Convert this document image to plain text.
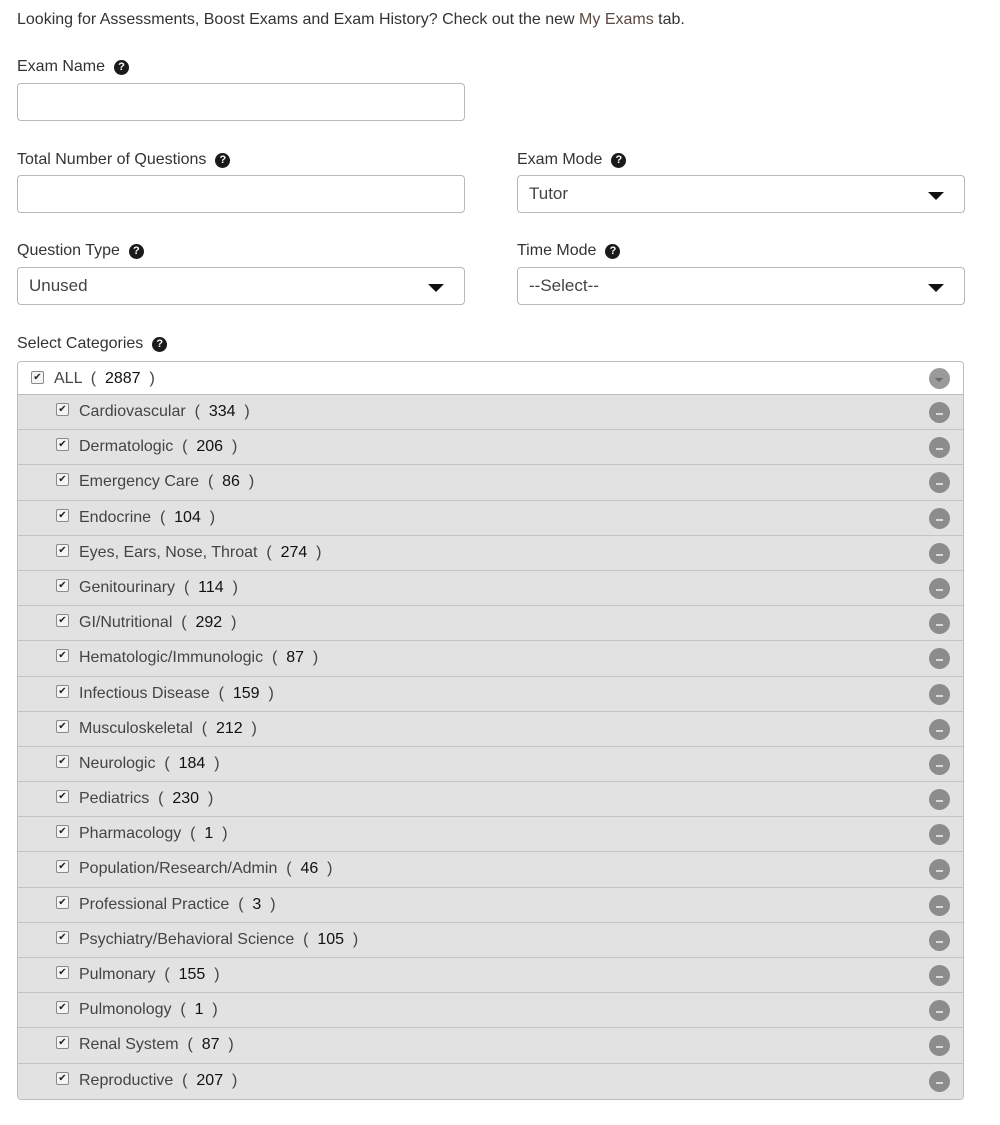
Looking for Assessments, Boost Exams and Exam History? Check out the new My Exams tab.
Exam Name	?
Total Number of Questions	?	Exam Mode	?
Tutor
Question Type	?
Unused
Time Mode	?
--Select--
Select Categories	?
✔ ALL  (  2887  )
✔ Cardiovascular  (  334  )
✔ Dermatologic  (  206  )
✔ Emergency Care  (  86  )
✔ Endocrine  (  104  )
✔ Eyes, Ears, Nose, Throat  (  274  )
✔ Genitourinary  (  114  )
✔ GI/Nutritional  (  292  )
✔ Hematologic/Immunologic  (  87  )
✔ Infectious Disease  (  159  )
✔ Musculoskeletal  (  212  )
✔ Neurologic  (  184  )
✔ Pediatrics  (  230  )
✔ Pharmacology  (  1  )
✔ Population/Research/Admin  (  46  )
✔ Professional Practice  (  3  )
✔ Psychiatry/Behavioral Science  (  105  )
✔ Pulmonary  (  155  )
✔ Pulmonology  (  1  )
✔ Renal System  (  87  )
✔ Reproductive  (  207  )
